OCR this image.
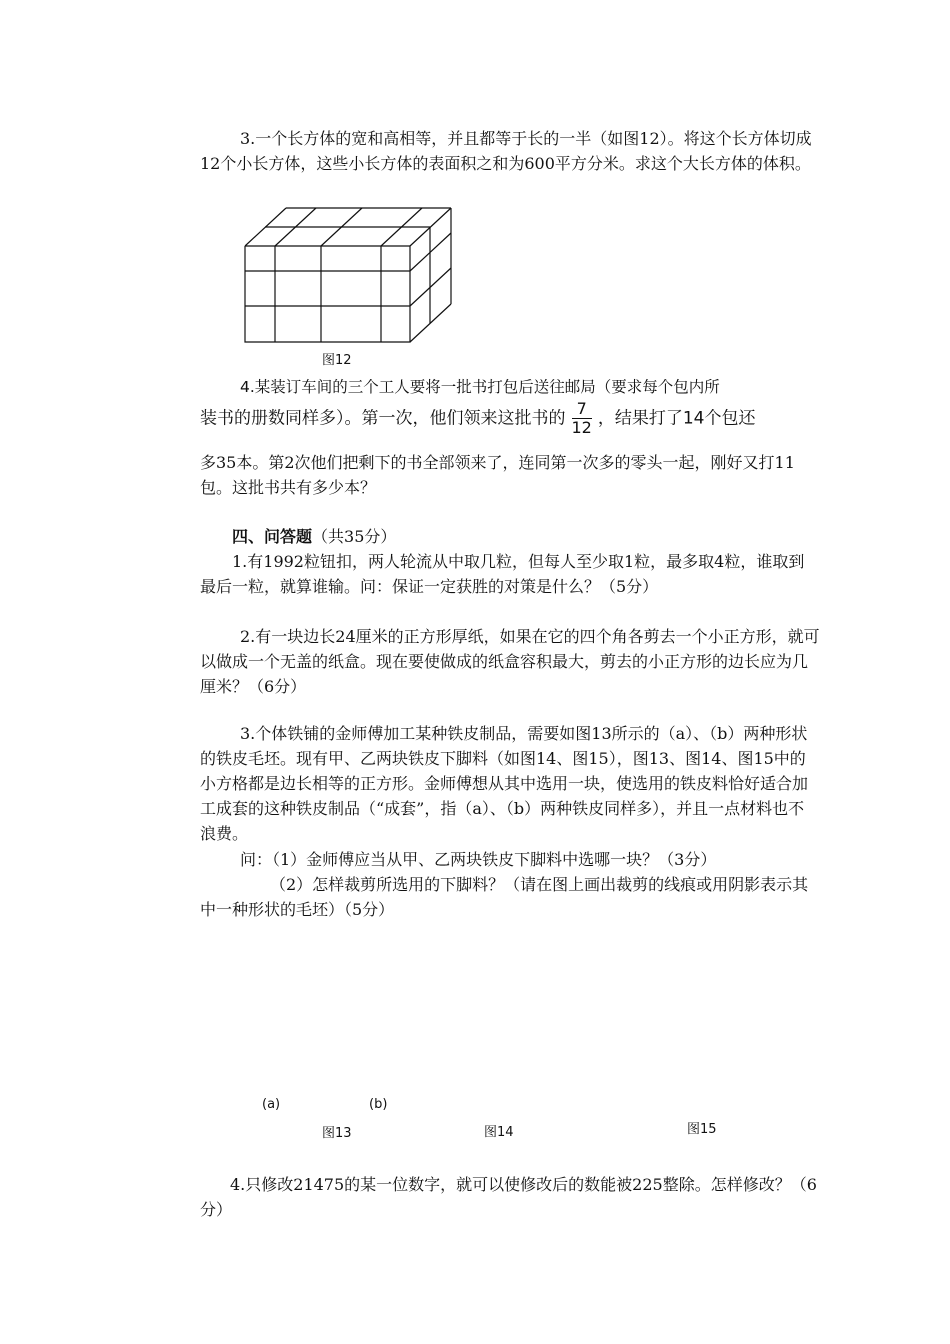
3.一个长方体的宽和高相等，并且都等于长的一半（如图12）。将这个长方体切成12个小长方体，这些小长方体的表面积之和为600平方分米。求这个大长方体的体积。

图12

4.某装订车间的三个工人要将一批书打包后送往邮局（要求每个包内所

装书的册数同样多）。第一次，他们领来这批书的 $\frac{7}{12}$ ，结果打了14个包还

多35本。第2次他们把剩下的书全部领来了，连同第一次多的零头一起，刚好又打11包。这批书共有多少本？

四、问答题（共35分）

1.有1992粒钮扣，两人轮流从中取几粒，但每人至少取1粒，最多取4粒，谁取到最后一粒，就算谁输。问：保证一定获胜的对策是什么？（5分）

2.有一块边长24厘米的正方形厚纸，如果在它的四个角各剪去一个小正方形，就可以做成一个无盖的纸盒。现在要使做成的纸盒容积最大，剪去的小正方形的边长应为几厘米？（6分）

3.个体铁铺的金师傅加工某种铁皮制品，需要如图13所示的（a）、（b）两种形状的铁皮毛坯。现有甲、乙两块铁皮下脚料（如图14、图15），图13、图14、图15中的小方格都是边长相等的正方形。金师傅想从其中选用一块，使选用的铁皮料恰好适合加工成套的这种铁皮制品（“成套”，指（a）、（b）两种铁皮同样多），并且一点材料也不浪费。

问：（1）金师傅应当从甲、乙两块铁皮下脚料中选哪一块？（3分）

（2）怎样裁剪所选用的下脚料？（请在图上画出裁剪的线痕或用阴影表示其中一种形状的毛坯）（5分）

(a)	(b)
图13	图14	图15

4.只修改21475的某一位数字，就可以使修改后的数能被225整除。怎样修改？（6分）
